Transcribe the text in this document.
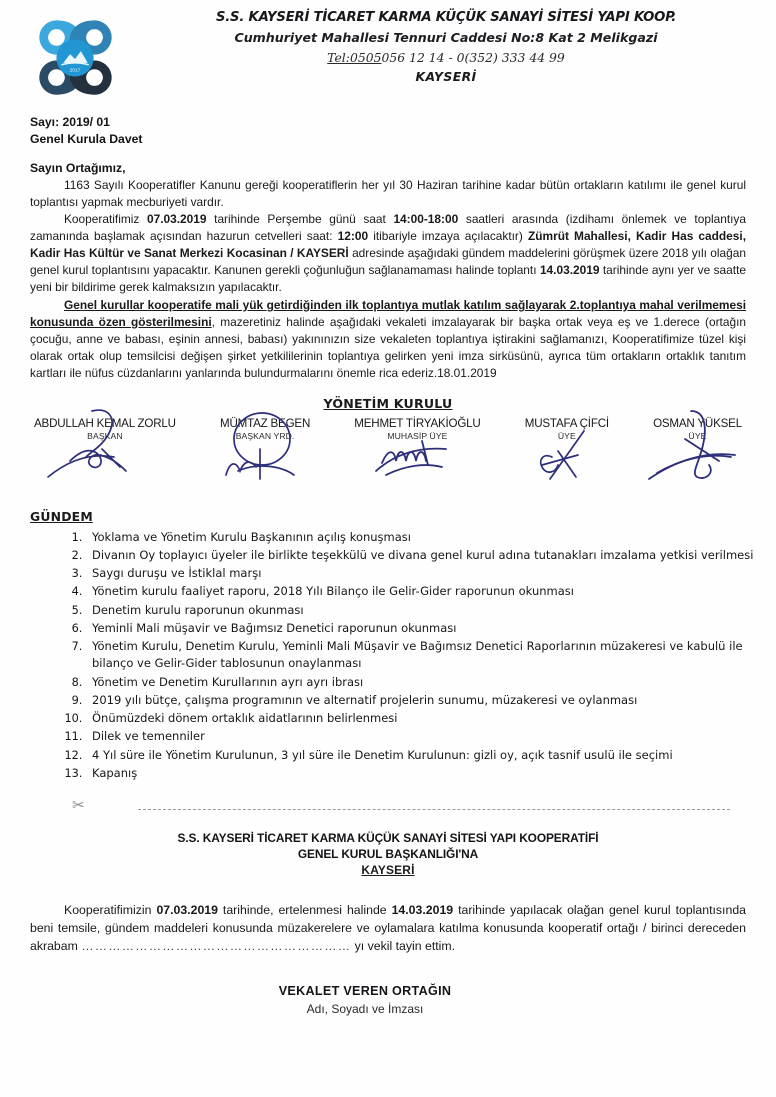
2017
S.S. KAYSERİ TİCARET KARMA KÜÇÜK SANAYİ SİTESİ YAPI KOOP.
Cumhuriyet Mahallesi Tennuri Caddesi No:8 Kat 2 Melikgazi
Tel:0505056 12 14 - 0(352) 333 44 99
KAYSERİ
Sayı: 2019/ 01
Genel Kurula Davet
Sayın Ortağımız,

1163 Sayılı Kooperatifler Kanunu gereği kooperatiflerin her yıl 30 Haziran tarihine kadar bütün ortakların katılımı ile genel kurul toplantısı yapmak mecburiyeti vardır.

Kooperatifimiz 07.03.2019 tarihinde Perşembe günü saat 14:00-18:00 saatleri arasında (izdihamı önlemek ve toplantıya zamanında başlamak açısından hazurun cetvelleri saat: 12:00 itibariyle imzaya açılacaktır) Zümrüt Mahallesi, Kadir Has caddesi, Kadir Has Kültür ve Sanat Merkezi Kocasinan / KAYSERİ adresinde aşağıdaki gündem maddelerini görüşmek üzere 2018 yılı olağan genel kurul toplantısını yapacaktır. Kanunen gerekli çoğunluğun sağlanamaması halinde toplantı 14.03.2019 tarihinde aynı yer ve saatte yeni bir bildirime gerek kalmaksızın yapılacaktır.

Genel kurullar kooperatife mali yük getirdiğinden ilk toplantıya mutlak katılım sağlayarak 2.toplantıya mahal verilmemesi konusunda özen gösterilmesini, mazeretiniz halinde aşağıdaki vekaleti imzalayarak bir başka ortak veya eş ve 1.derece (ortağın çocuğu, anne ve babası, eşinin annesi, babası) yakınınızın size vekaleten toplantıya iştirakini sağlamanızı, Kooperatifimize tüzel kişi olarak ortak olup temsilcisi değişen şirket yetkililerinin toplantıya gelirken yeni imza sirküsünü, ayrıca tüm ortakların ortaklık tanıtım kartları ile nüfus cüzdanlarını yanlarında bulundurmalarını önemle rica ederiz.18.01.2019

YÖNETİM KURULU
ABDULLAH KEMAL ZORLU
BAŞKAN
MÜMTAZ BEGEN
BAŞKAN YRD.
MEHMET TİRYAKİOĞLU
MUHASİP ÜYE
MUSTAFA ÇİFCİ
ÜYE
OSMAN YÜKSEL
ÜYE
GÜNDEM
1. Yoklama ve Yönetim Kurulu Başkanının açılış konuşması
2. Divanın Oy toplayıcı üyeler ile birlikte teşekkülü ve divana genel kurul adına tutanakları imzalama yetkisi verilmesi
3. Saygı duruşu ve İstiklal marşı
4. Yönetim kurulu faaliyet raporu, 2018 Yılı Bilanço ile Gelir-Gider raporunun okunması
5. Denetim kurulu raporunun okunması
6. Yeminli Mali müşavir ve Bağımsız Denetici raporunun okunması
7. Yönetim Kurulu, Denetim Kurulu, Yeminli Mali Müşavir ve Bağımsız Denetici Raporlarının müzakeresi ve kabulü ile bilanço ve Gelir-Gider tablosunun onaylanması
8. Yönetim ve Denetim Kurullarının ayrı ayrı ibrası
9. 2019 yılı bütçe, çalışma programının ve alternatif projelerin sunumu, müzakeresi ve oylanması
10. Önümüzdeki dönem ortaklık aidatlarının belirlenmesi
11. Dilek ve temenniler
12. 4 Yıl süre ile Yönetim Kurulunun, 3 yıl süre ile Denetim Kurulunun: gizli oy, açık tasnif usulü ile seçimi
13. Kapanış
✂
S.S. KAYSERİ TİCARET KARMA KÜÇÜK SANAYİ SİTESİ YAPI KOOPERATİFİ
GENEL KURUL BAŞKANLIĞI'NA
KAYSERİ

Kooperatifimizin 07.03.2019 tarihinde, ertelenmesi halinde 14.03.2019 tarihinde yapılacak olağan genel kurul toplantısında beni temsile, gündem maddeleri konusunda müzakerelere ve oylamalara katılma konusunda kooperatif ortağı / birinci dereceden akrabam …………………………………………………… yı vekil tayin ettim.

VEKALET VEREN ORTAĞIN
Adı, Soyadı ve İmzası
